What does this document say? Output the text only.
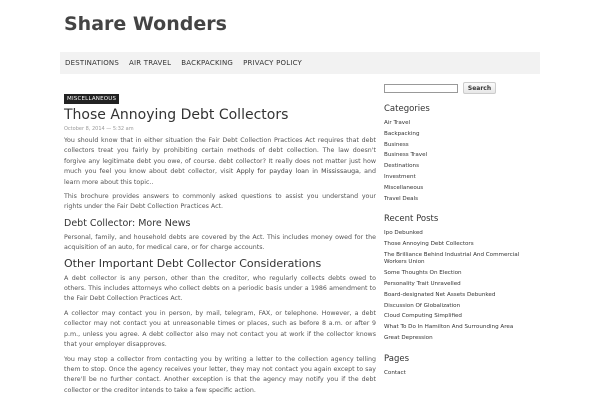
Share Wonders
DESTINATIONS AIR TRAVEL BACKPACKING PRIVACY POLICY
MISCELLANEOUS
Those Annoying Debt Collectors
October 8, 2014 — 5:32 am

You should know that in either situation the Fair Debt Collection Practices Act requires that debt collectors treat you fairly by prohibiting certain methods of debt collection. The law doesn't forgive any legitimate debt you owe, of course. debt collector? It really does not matter just how much you feel you know about debt collector, visit Apply for payday loan in Mississauga, and learn more about this topic..

This brochure provides answers to commonly asked questions to assist you understand your rights under the Fair Debt Collection Practices Act.

Debt Collector: More News

Personal, family, and household debts are covered by the Act. This includes money owed for the acquisition of an auto, for medical care, or for charge accounts.

Other Important Debt Collector Considerations

A debt collector is any person, other than the creditor, who regularly collects debts owed to others. This includes attorneys who collect debts on a periodic basis under a 1986 amendment to the Fair Debt Collection Practices Act.

A collector may contact you in person, by mail, telegram, FAX, or telephone. However, a debt collector may not contact you at unreasonable times or places, such as before 8 a.m. or after 9 p.m., unless you agree. A debt collector also may not contact you at work if the collector knows that your employer disapproves.

You may stop a collector from contacting you by writing a letter to the collection agency telling them to stop. Once the agency receives your letter, they may not contact you again except to say there'll be no further contact. Another exception is that the agency may notify you if the debt collector or the creditor intends to take a few specific action.

Search
Categories
Air Travel
Backpacking
Business
Business Travel
Destinations
Investment
Miscellaneous
Travel Deals
Recent Posts
Ipo Debunked
Those Annoying Debt Collectors
The Brilliance Behind Industrial And Commercial Workers Union
Some Thoughts On Election
Personality Trait Unravelled
Board-designated Net Assets Debunked
Discussion Of Globalization
Cloud Computing Simplified
What To Do In Hamilton And Surrounding Area
Great Depression
Pages
Contact
